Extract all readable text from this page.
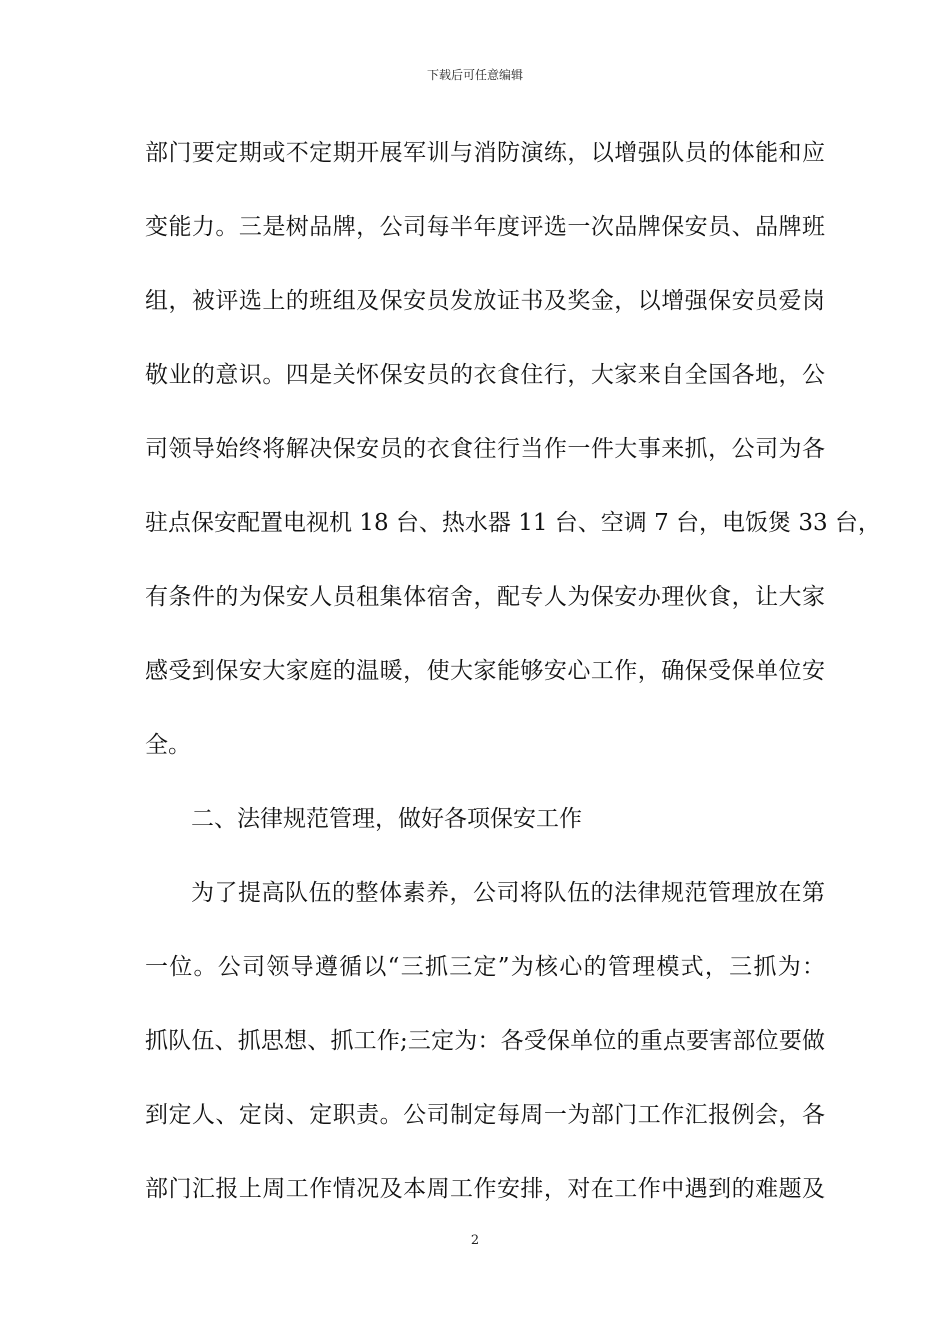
下载后可任意编辑
部门要定期或不定期开展军训与消防演练，以增强队员的体能和应
变能力。三是树品牌，公司每半年度评选一次品牌保安员、品牌班
组，被评选上的班组及保安员发放证书及奖金，以增强保安员爱岗
敬业的意识。四是关怀保安员的衣食住行，大家来自全国各地，公
司领导始终将解决保安员的衣食往行当作一件大事来抓，公司为各
驻点保安配置电视机 18 台、热水器 11 台、空调 7 台，电饭煲 33 台，
有条件的为保安人员租集体宿舍，配专人为保安办理伙食，让大家
感受到保安大家庭的温暖，使大家能够安心工作，确保受保单位安
全。
二、法律规范管理，做好各项保安工作
为了提高队伍的整体素养，公司将队伍的法律规范管理放在第
一位。公司领导遵循以“三抓三定”为核心的管理模式，三抓为：
抓队伍、抓思想、抓工作;三定为：各受保单位的重点要害部位要做
到定人、定岗、定职责。公司制定每周一为部门工作汇报例会，各
部门汇报上周工作情况及本周工作安排，对在工作中遇到的难题及
2
